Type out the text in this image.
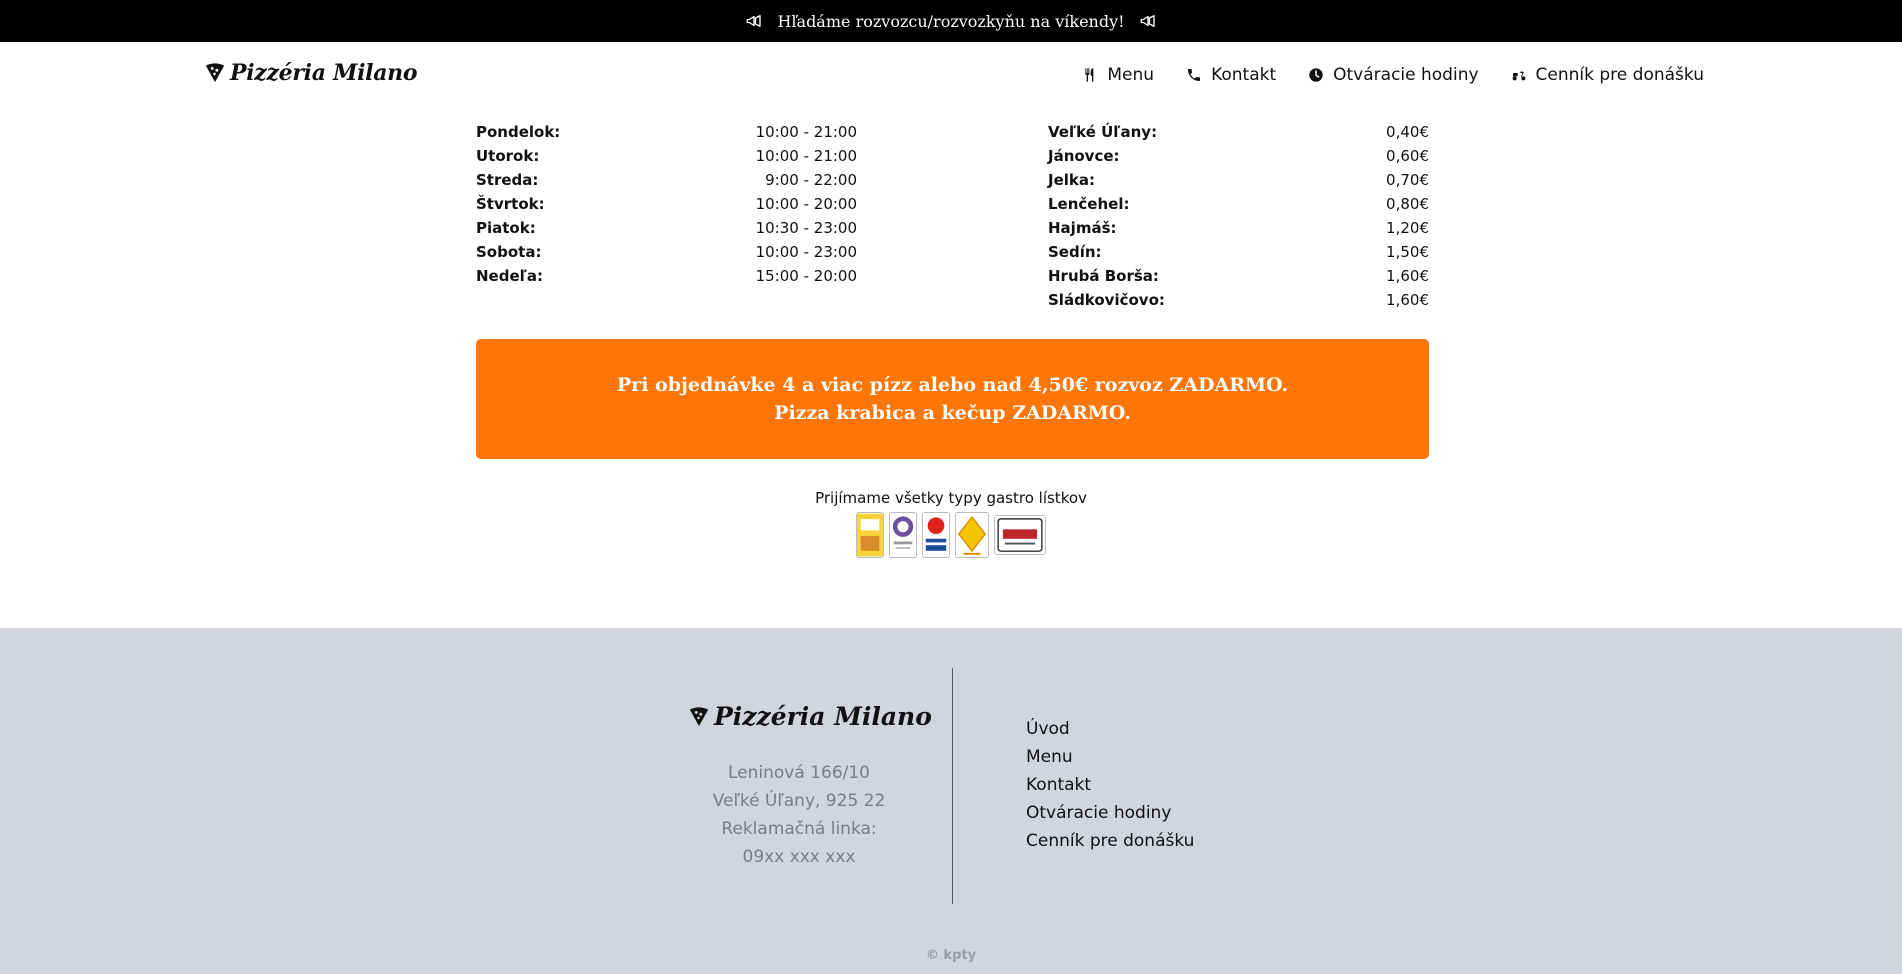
Hľadáme rozvozcu/rozvozkyňu na víkendy!
Pizzéria Milano	Menu	Kontakt	Otváracie hodiny	Cenník pre donášku
Pondelok:	10:00 - 21:00
Utorok:	10:00 - 21:00
Streda:	9:00 - 22:00
Štvrtok:	10:00 - 20:00
Piatok:	10:30 - 23:00
Sobota:	10:00 - 23:00
Nedeľa:	15:00 - 20:00
Veľké Úľany:	0,40€
Jánovce:	0,60€
Jelka:	0,70€
Lenčehel:	0,80€
Hajmáš:	1,20€
Sedín:	1,50€
Hrubá Borša:	1,60€
Sládkovičovo:	1,60€
Pri objednávke 4 a viac pízz alebo nad 4,50€ rozvoz ZADARMO.
Pizza krabica a kečup ZADARMO.
Prijímame všetky typy gastro lístkov
Pizzéria Milano
Leninová 166/10
Veľké Úľany, 925 22
Reklamačná linka:
09xx xxx xxx
Úvod
Menu
Kontakt
Otváracie hodiny
Cenník pre donášku
© kpty
